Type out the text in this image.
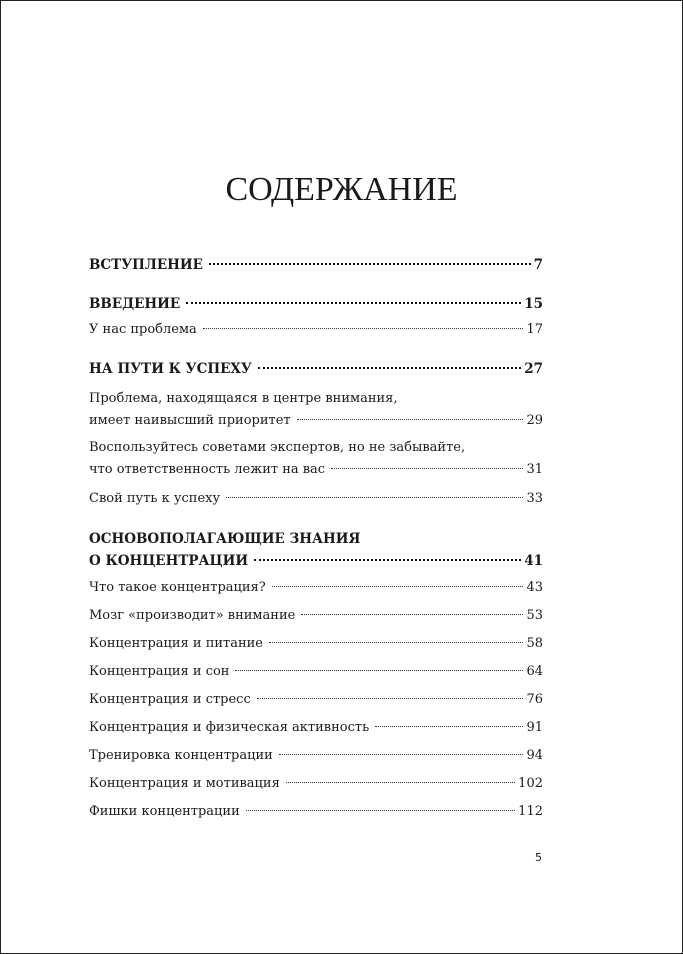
СОДЕРЖАНИЕ
ВСТУПЛЕНИЕ	7
ВВЕДЕНИЕ	15
У нас проблема	17
НА ПУТИ К УСПЕХУ	27
Проблема, находящаяся в центре внимания,
имеет наивысший приоритет	29
Воспользуйтесь советами экспертов, но не забывайте,
что ответственность лежит на вас	31
Свой путь к успеху	33
ОСНОВОПОЛАГАЮЩИЕ ЗНАНИЯ
О КОНЦЕНТРАЦИИ	41
Что такое концентрация?	43
Мозг «производит» внимание	53
Концентрация и питание	58
Концентрация и сон	64
Концентрация и стресс	76
Концентрация и физическая активность	91
Тренировка концентрации	94
Концентрация и мотивация	102
Фишки концентрации	112
5
